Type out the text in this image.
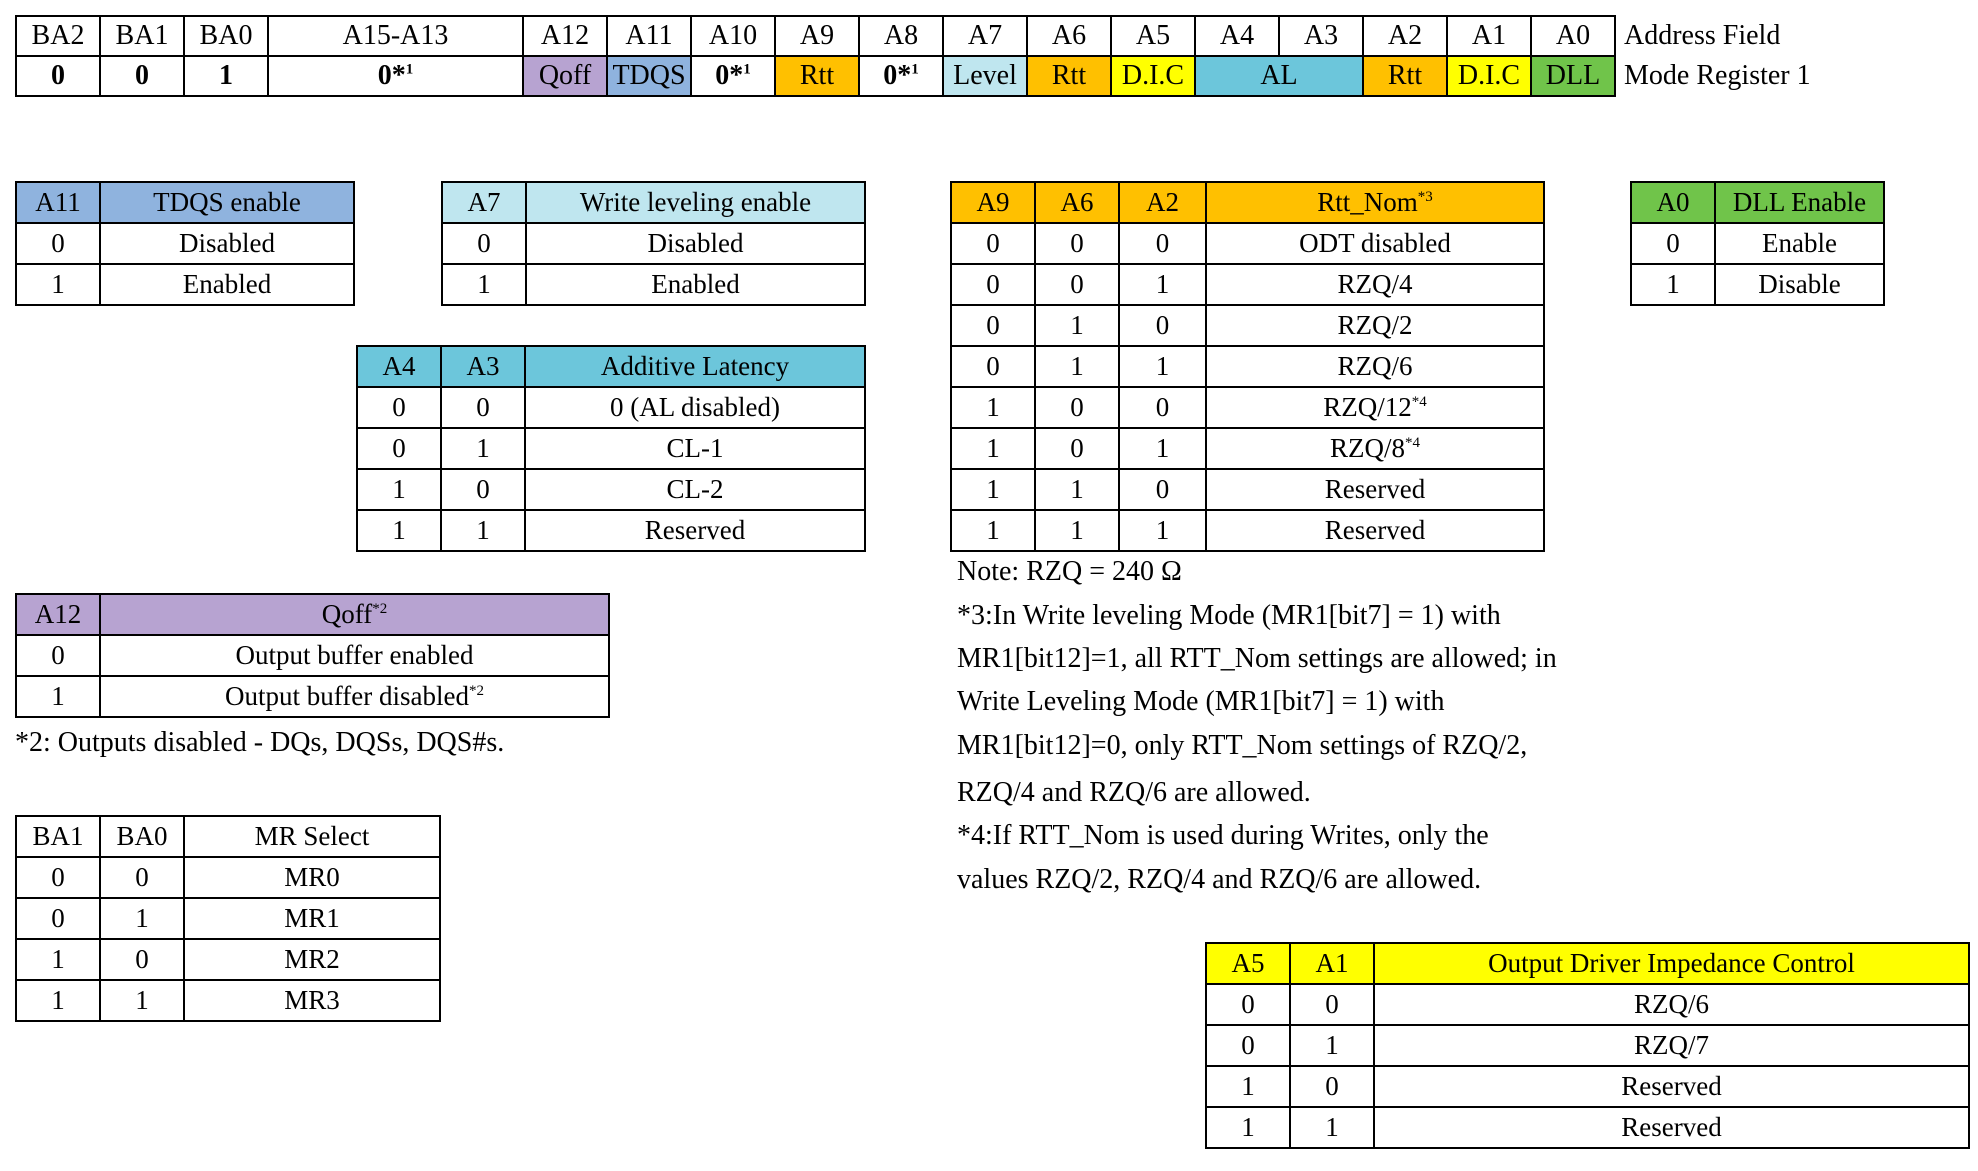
BA2	BA1	BA0	A15-A13	A12	A11	A10	A9	A8	A7	A6	A5	A4	A3	A2	A1	A0	Address Field
0	0	1	0*$^1$	Qoff	TDQS	0*$^1$	Rtt	0*$^1$	Level	Rtt	D.I.C	AL		Rtt	D.I.C	DLL	Mode Register 1
A11	TDQS enable
0	Disabled
1	Enabled
A7	Write leveling enable
0	Disabled
1	Enabled
A9	A6	A2	Rtt_Nom$^{*3}$
0	0	0	ODT disabled
0	0	1	RZQ/4
0	1	0	RZQ/2
0	1	1	RZQ/6
1	0	0	RZQ/12$^{*4}$
1	0	1	RZQ/8$^{*4}$
1	1	0	Reserved
1	1	1	Reserved
A0	DLL Enable
0	Enable
1	Disable
A4	A3	Additive Latency
0	0	0 (AL disabled)
0	1	CL-1
1	0	CL-2
1	1	Reserved
A12	Qoff$^{*2}$
0	Output buffer enabled
1	Output buffer disabled$^{*2}$
*2: Outputs disabled - DQs, DQSs, DQS#s.
BA1	BA0	MR Select
0	0	MR0
0	1	MR1
1	0	MR2
1	1	MR3
Note: RZQ = 240 Ω
*3:In Write leveling Mode (MR1[bit7] = 1) with
MR1[bit12]=1, all RTT_Nom settings are allowed; in
Write Leveling Mode (MR1[bit7] = 1) with
MR1[bit12]=0, only RTT_Nom settings of RZQ/2,
RZQ/4 and RZQ/6 are allowed.
*4:If RTT_Nom is used during Writes, only the
values RZQ/2, RZQ/4 and RZQ/6 are allowed.
A5	A1	Output Driver Impedance Control
0	0	RZQ/6
0	1	RZQ/7
1	0	Reserved
1	1	Reserved
